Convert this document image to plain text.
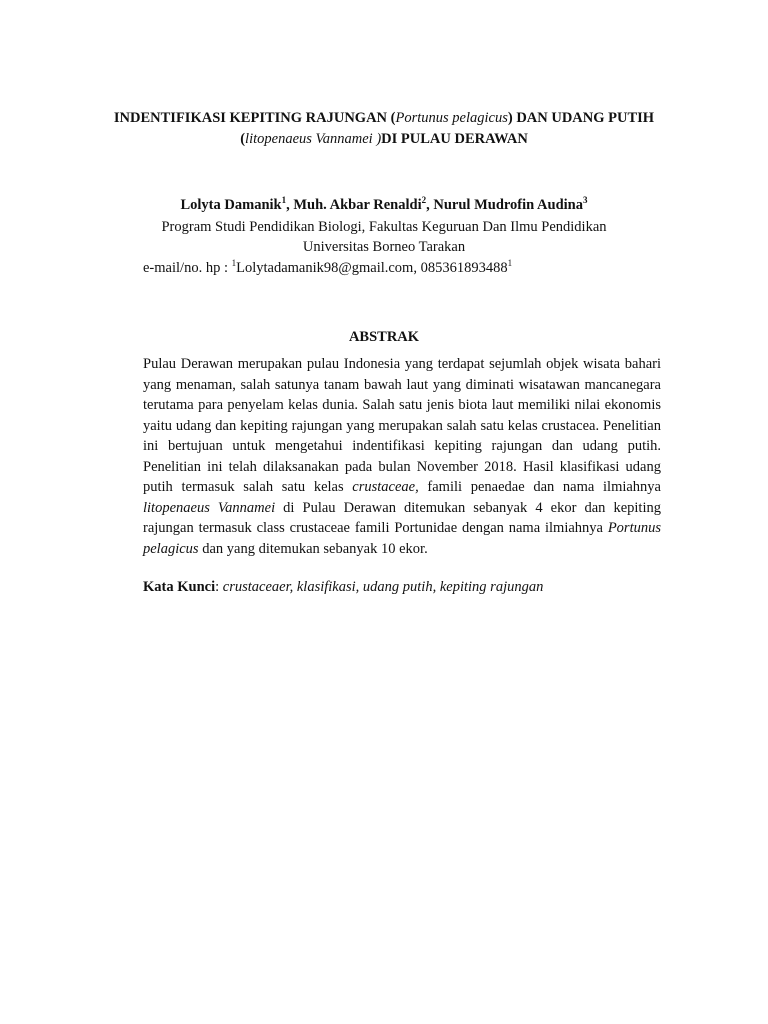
INDENTIFIKASI KEPITING RAJUNGAN (Portunus pelagicus) DAN UDANG PUTIH (litopenaeus Vannamei )DI PULAU DERAWAN
Lolyta Damanik$^1$, Muh. Akbar Renaldi$^2$, Nurul Mudrofin Audina$^3$
Program Studi Pendidikan Biologi, Fakultas Keguruan Dan Ilmu Pendidikan
Universitas Borneo Tarakan
e-mail/no. hp : $^1$Lolytadamanik98@gmail.com, 085361893488$^1$
ABSTRAK
Pulau Derawan merupakan pulau Indonesia yang terdapat sejumlah objek wisata bahari yang menaman, salah satunya tanam bawah laut yang diminati wisatawan mancanegara terutama para penyelam kelas dunia. Salah satu jenis biota laut memiliki nilai ekonomis yaitu udang dan kepiting rajungan yang merupakan salah satu kelas crustacea. Penelitian ini bertujuan untuk mengetahui indentifikasi kepiting rajungan dan udang putih. Penelitian ini telah dilaksanakan pada bulan November 2018. Hasil klasifikasi udang putih termasuk salah satu kelas crustaceae, famili penaedae dan nama ilmiahnya litopenaeus Vannamei di Pulau Derawan ditemukan sebanyak 4 ekor dan kepiting rajungan termasuk class crustaceae famili Portunidae dengan nama ilmiahnya Portunus pelagicus dan yang ditemukan sebanyak 10 ekor.
Kata Kunci: crustaceaer, klasifikasi, udang putih, kepiting rajungan
